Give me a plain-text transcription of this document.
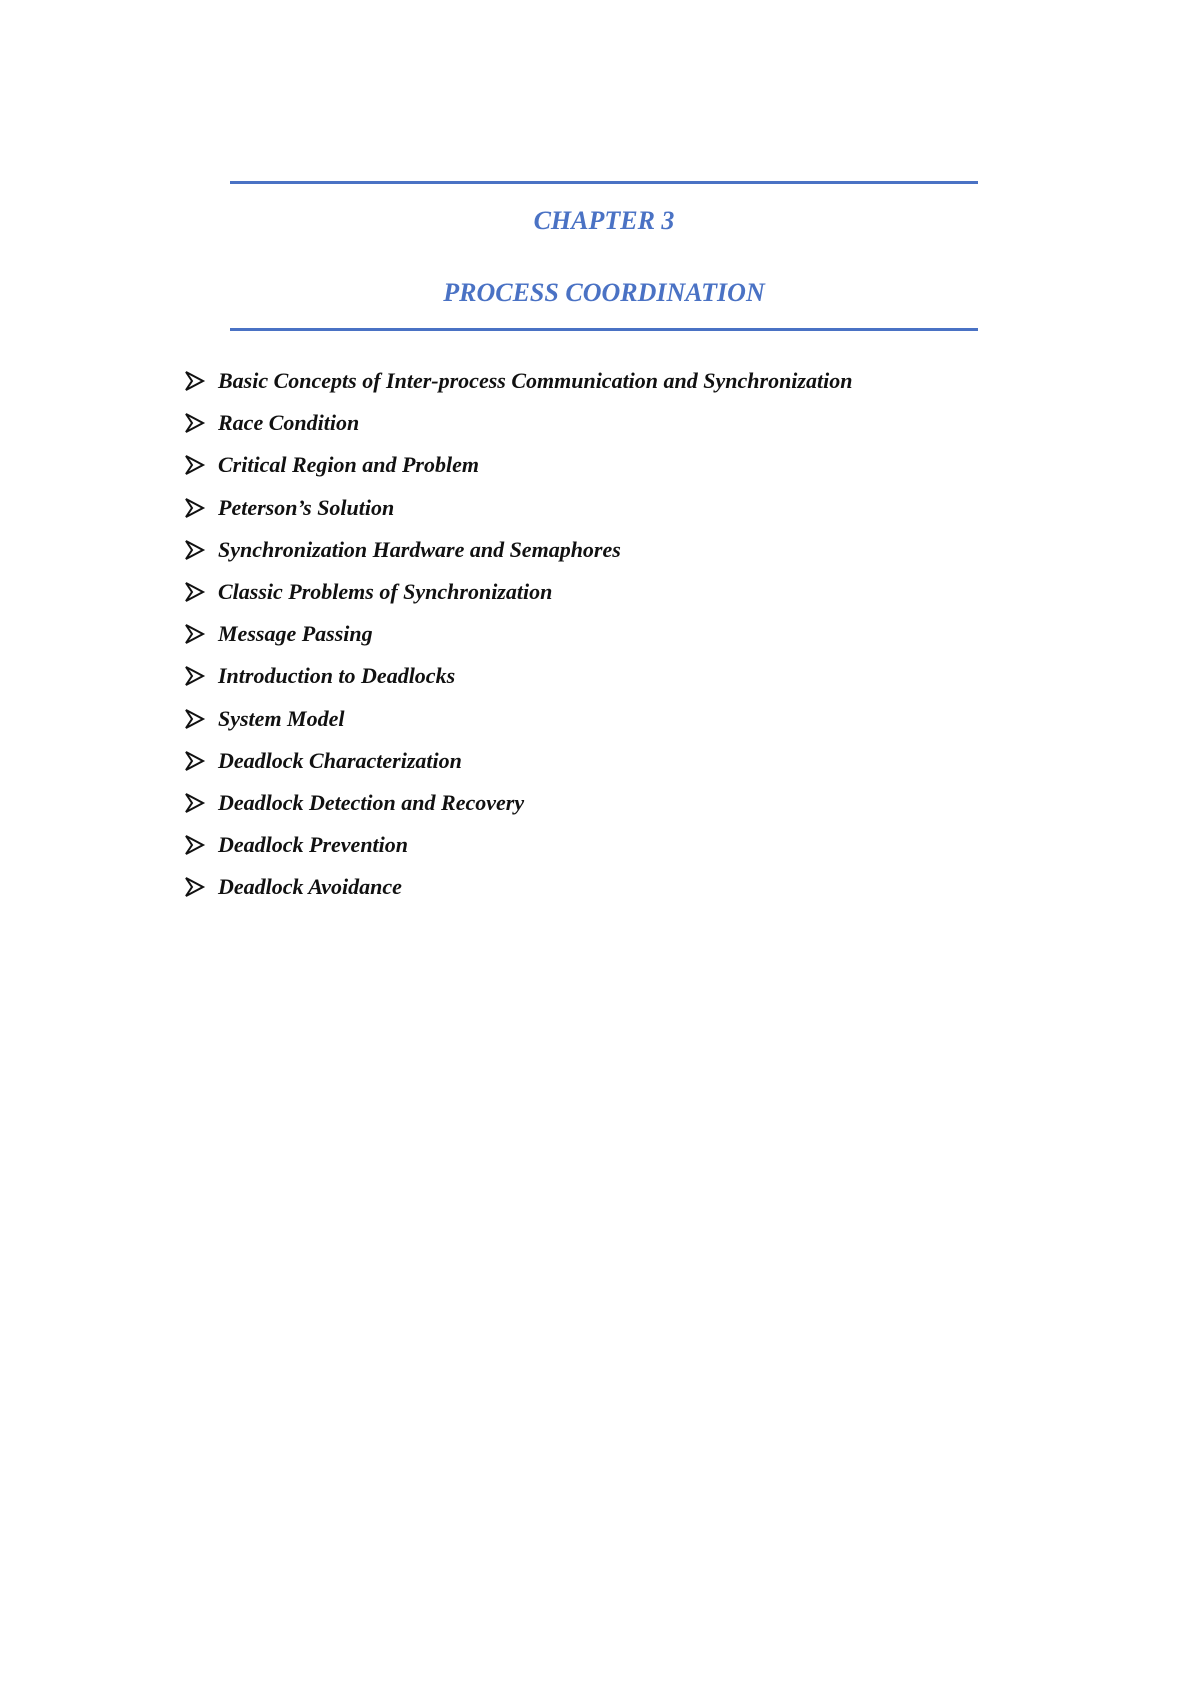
CHAPTER 3
PROCESS COORDINATION
Basic Concepts of Inter-process Communication and Synchronization
Race Condition
Critical Region and Problem
Peterson’s Solution
Synchronization Hardware and Semaphores
Classic Problems of Synchronization
Message Passing
Introduction to Deadlocks
System Model
Deadlock Characterization
Deadlock Detection and Recovery
Deadlock Prevention
Deadlock Avoidance
